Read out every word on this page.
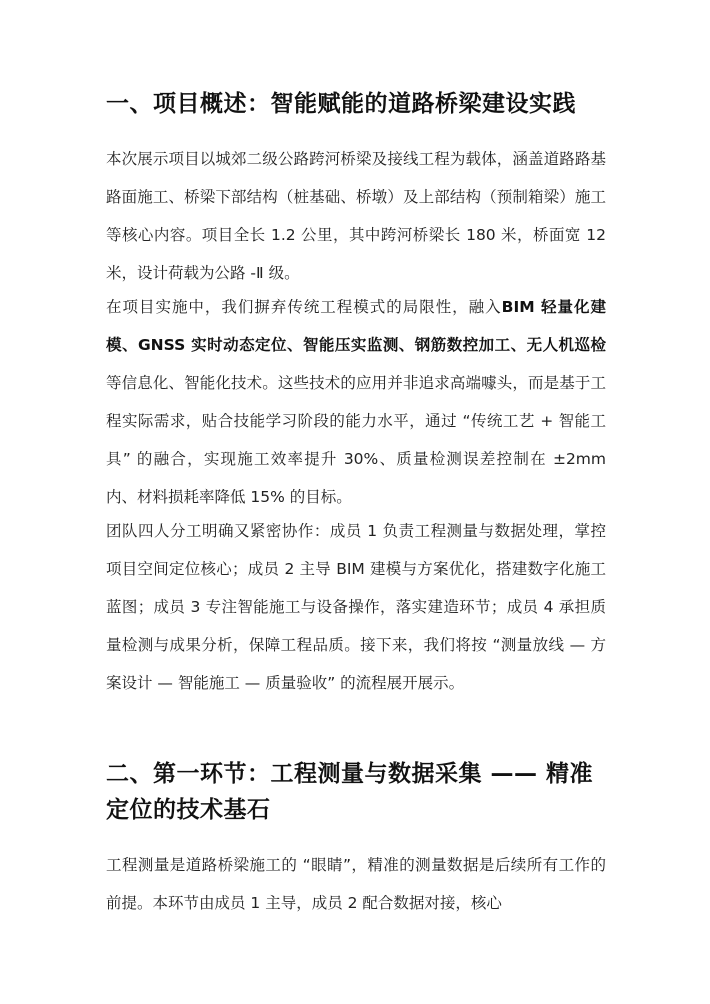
一、项目概述：智能赋能的道路桥梁建设实践

本次展示项目以城郊二级公路跨河桥梁及接线工程为载体，涵盖道路路基路面施工、桥梁下部结构（桩基础、桥墩）及上部结构（预制箱梁）施工等核心内容。项目全长 1.2 公里，其中跨河桥梁长 180 米，桥面宽 12 米，设计荷载为公路 -Ⅱ 级。

在项目实施中，我们摒弃传统工程模式的局限性，融入BIM 轻量化建模、GNSS 实时动态定位、智能压实监测、钢筋数控加工、无人机巡检等信息化、智能化技术。这些技术的应用并非追求高端噱头，而是基于工程实际需求，贴合技能学习阶段的能力水平，通过 “传统工艺 + 智能工具” 的融合，实现施工效率提升 30%、质量检测误差控制在 ±2mm 内、材料损耗率降低 15% 的目标。

团队四人分工明确又紧密协作：成员 1 负责工程测量与数据处理，掌控项目空间定位核心；成员 2 主导 BIM 建模与方案优化，搭建数字化施工蓝图；成员 3 专注智能施工与设备操作，落实建造环节；成员 4 承担质量检测与成果分析，保障工程品质。接下来，我们将按 “测量放线 — 方案设计 — 智能施工 — 质量验收” 的流程展开展示。

二、第一环节：工程测量与数据采集 —— 精准定位的技术基石

工程测量是道路桥梁施工的 “眼睛”，精准的测量数据是后续所有工作的前提。本环节由成员 1 主导，成员 2 配合数据对接，核心
